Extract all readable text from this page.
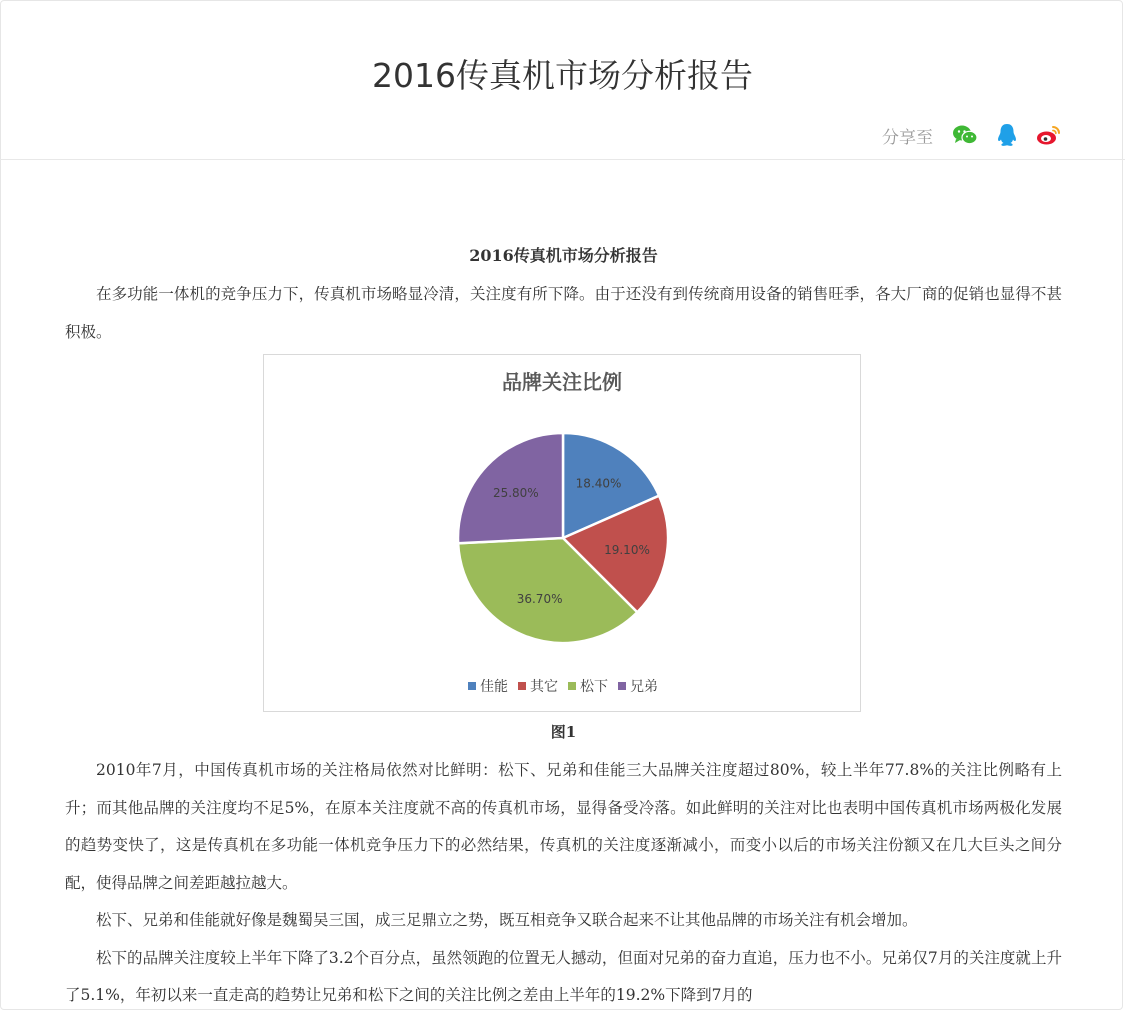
2016传真机市场分析报告
分享至

2016传真机市场分析报告

在多功能一体机的竞争压力下，传真机市场略显冷清，关注度有所下降。由于还没有到传统商用设备的销售旺季，各大厂商的促销也显得不甚积极。

品牌关注比例
18.40%
19.10%
36.70%
25.80%
佳能 其它 松下 兄弟

图1

2010年7月，中国传真机市场的关注格局依然对比鲜明：松下、兄弟和佳能三大品牌关注度超过80%，较上半年77.8%的关注比例略有上升；而其他品牌的关注度均不足5%，在原本关注度就不高的传真机市场，显得备受冷落。如此鲜明的关注对比也表明中国传真机市场两极化发展的趋势变快了，这是传真机在多功能一体机竞争压力下的必然结果，传真机的关注度逐渐减小，而变小以后的市场关注份额又在几大巨头之间分配，使得品牌之间差距越拉越大。

松下、兄弟和佳能就好像是魏蜀吴三国，成三足鼎立之势，既互相竞争又联合起来不让其他品牌的市场关注有机会增加。

松下的品牌关注度较上半年下降了3.2个百分点，虽然领跑的位置无人撼动，但面对兄弟的奋力直追，压力也不小。兄弟仅7月的关注度就上升了5.1%，年初以来一直走高的趋势让兄弟和松下之间的关注比例之差由上半年的19.2%下降到7月的
